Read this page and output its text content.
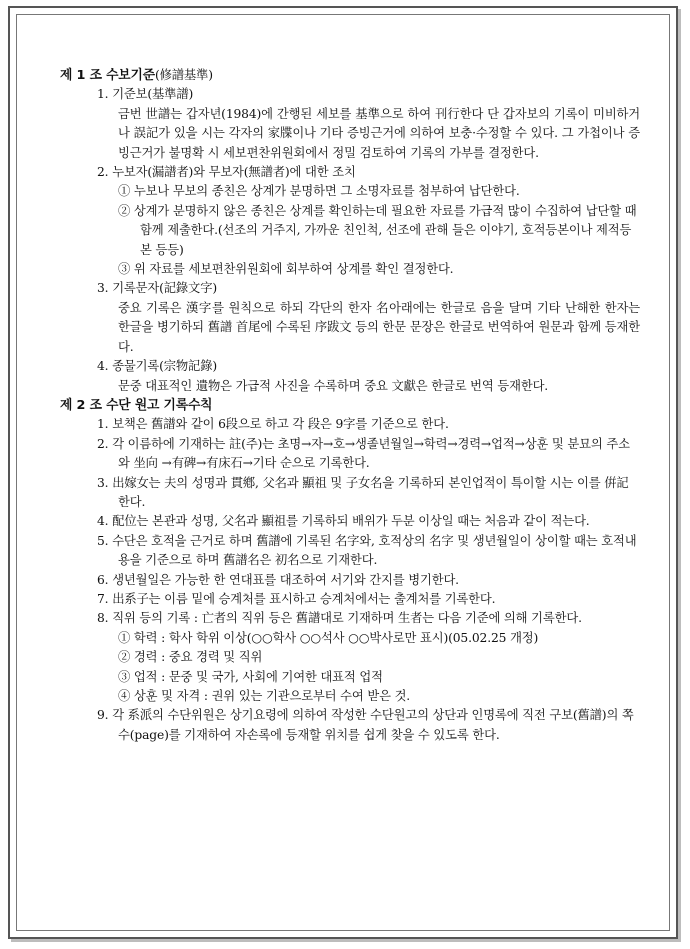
제 1 조 수보기준(修譜基準)

1. 기준보(基準譜)

금번 世譜는 갑자년(1984)에 간행된 세보를 基準으로 하여 刊行한다 단 갑자보의 기록이 미비하거나 誤記가 있을 시는 각자의 家牒이나 기타 증빙근거에 의하여 보충·수정할 수 있다. 그 가첩이나 증빙근거가 불명확 시 세보편찬위원회에서 정밀 검토하여 기록의 가부를 결정한다.

2. 누보자(漏譜者)와 무보자(無譜者)에 대한 조치

① 누보나 무보의 종친은 상계가 분명하면 그 소명자료를 첨부하여 납단한다.

② 상계가 분명하지 않은 종친은 상계를 확인하는데 필요한 자료를 가급적 많이 수집하여 납단할 때 함께 제출한다.(선조의 거주지, 가까운 친인척, 선조에 관해 들은 이야기, 호적등본이나 제적등본 등등)

③ 위 자료를 세보편찬위원회에 회부하여 상계를 확인 결정한다.

3. 기록문자(記錄文字)

중요 기록은 漢字를 원칙으로 하되 각단의 한자 名아래에는 한글로 음을 달며 기타 난해한 한자는 한글을 병기하되 舊譜 首尾에 수록된 序跋文 등의 한문 문장은 한글로 번역하여 원문과 함께 등재한다.

4. 종물기록(宗物記錄)

문중 대표적인 遺物은 가급적 사진을 수록하며 중요 文獻은 한글로 번역 등재한다.

제 2 조 수단 원고 기록수칙

1. 보책은 舊譜와 같이 6段으로 하고 각 段은 9字를 기준으로 한다.

2. 각 이름하에 기재하는 註(주)는 초명→자→호→생졸년월일→학력→경력→업적→상훈 및 분묘의 주소와 坐向 →有碑→有床石→기타 순으로 기록한다.

3. 出嫁女는 夫의 성명과 貫鄕, 父名과 顯祖 및 子女名을 기록하되 본인업적이 특이할 시는 이를 倂記한다.

4. 配位는 본관과 성명, 父名과 顯祖를 기록하되 배위가 두분 이상일 때는 처음과 같이 적는다.

5. 수단은 호적을 근거로 하며 舊譜에 기록된 名字와, 호적상의 名字 및 생년월일이 상이할 때는 호적내용을 기준으로 하며 舊譜名은 初名으로 기재한다.

6. 생년월일은 가능한 한 연대표를 대조하여 서기와 간지를 병기한다.

7. 出系子는 이름 밑에 승계처를 표시하고 승계처에서는 출계처를 기록한다.

8. 직위 등의 기록 : 亡者의 직위 등은 舊譜대로 기재하며 生者는 다음 기준에 의해 기록한다.

① 학력 : 학사 학위 이상(○○학사 ○○석사 ○○박사로만 표시)(05.02.25 개정)

② 경력 : 중요 경력 및 직위

③ 업적 : 문중 및 국가, 사회에 기여한 대표적 업적

④ 상훈 및 자격 : 권위 있는 기관으로부터 수여 받은 것.

9. 각 系派의 수단위원은 상기요령에 의하여 작성한 수단원고의 상단과 인명록에 직전 구보(舊譜)의 쪽수(page)를 기재하여 자손록에 등재할 위치를 쉽게 찾을 수 있도록 한다.
